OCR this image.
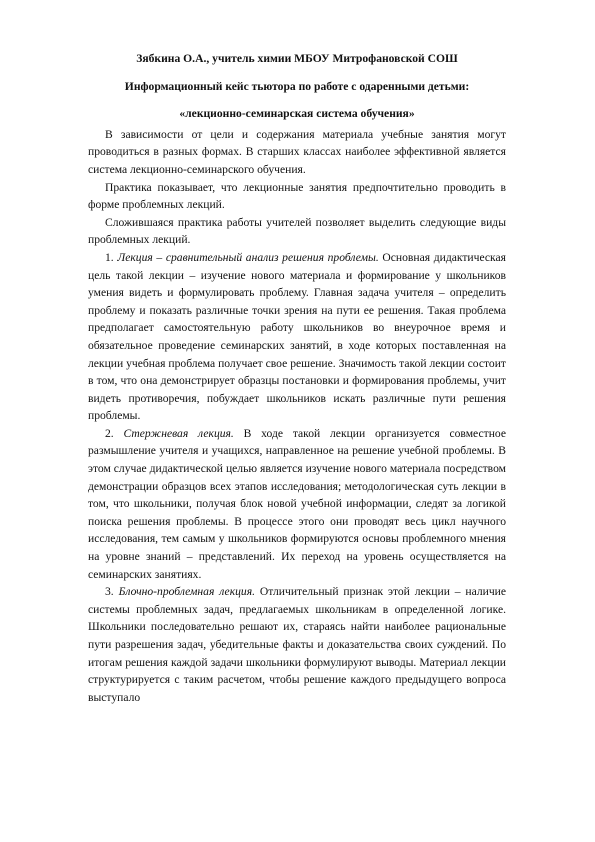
Зябкина О.А., учитель химии МБОУ Митрофановской СОШ

Информационный кейс тьютора по работе с одаренными детьми:

«лекционно-семинарская система обучения»

В зависимости от цели и содержания материала учебные занятия могут проводиться в разных формах. В старших классах наиболее эффективной является система лекционно-семинарского обучения.

Практика показывает, что лекционные занятия предпочтительно проводить в форме проблемных лекций.

Сложившаяся практика работы учителей позволяет выделить следующие виды проблемных лекций.

1. Лекция – сравнительный анализ решения проблемы. Основная дидактическая цель такой лекции – изучение нового материала и формирование у школьников умения видеть и формулировать проблему. Главная задача учителя – определить проблему и показать различные точки зрения на пути ее решения. Такая проблема предполагает самостоятельную работу школьников во внеурочное время и обязательное проведение семинарских занятий, в ходе которых поставленная на лекции учебная проблема получает свое решение. Значимость такой лекции состоит в том, что она демонстрирует образцы постановки и формирования проблемы, учит видеть противоречия, побуждает школьников искать различные пути решения проблемы.

2. Стержневая лекция. В ходе такой лекции организуется совместное размышление учителя и учащихся, направленное на решение учебной проблемы. В этом случае дидактической целью является изучение нового материала посредством демонстрации образцов всех этапов исследования; методологическая суть лекции в том, что школьники, получая блок новой учебной информации, следят за логикой поиска решения проблемы. В процессе этого они проводят весь цикл научного исследования, тем самым у школьников формируются основы проблемного мнения на уровне знаний – представлений. Их переход на уровень осуществляется на семинарских занятиях.

3. Блочно-проблемная лекция. Отличительный признак этой лекции – наличие системы проблемных задач, предлагаемых школьникам в определенной логике. Школьники последовательно решают их, стараясь найти наиболее рациональные пути разрешения задач, убедительные факты и доказательства своих суждений. По итогам решения каждой задачи школьники формулируют выводы. Материал лекции структурируется с таким расчетом, чтобы решение каждого предыдущего вопроса выступало
